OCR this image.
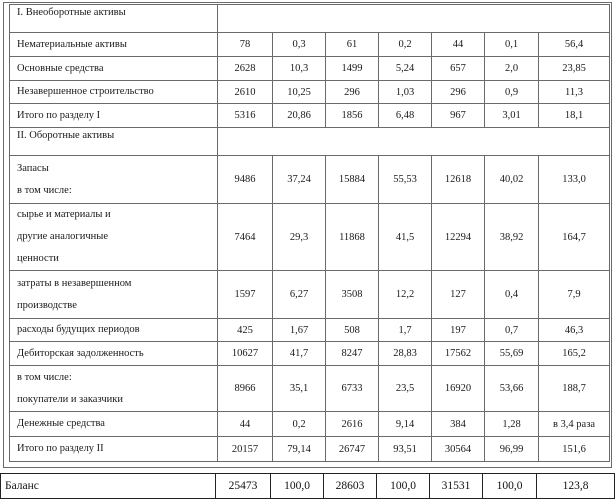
I. Внеоборотные активы							

Нематериальные активы	78	0,3	61	0,2	44	0,1	56,4

Основные средства	2628	10,3	1499	5,24	657	2,0	23,85

Незавершенное строительство	2610	10,25	296	1,03	296	0,9	11,3

Итого по разделу I	5316	20,86	1856	6,48	967	3,01	18,1
II. Оборотные активы							

Запасы
в том числе:	9486	37,24	15884	55,53	12618	40,02	133,0

сырье и материалы и
другие аналогичные
ценности	7464	29,3	11868	41,5	12294	38,92	164,7

затраты в незавершенном
производстве	1597	6,27	3508	12,2	127	0,4	7,9

расходы будущих периодов	425	1,67	508	1,7	197	0,7	46,3

Дебиторская задолженность	10627	41,7	8247	28,83	17562	55,69	165,2

в том числе:
покупатели и заказчики	8966	35,1	6733	23,5	16920	53,66	188,7

Денежные средства	44	0,2	2616	9,14	384	1,28	в 3,4 раза

Итого по разделу II	20157	79,14	26747	93,51	30564	96,99	151,6
Баланс	25473	100,0	28603	100,0	31531	100,0	123,8
